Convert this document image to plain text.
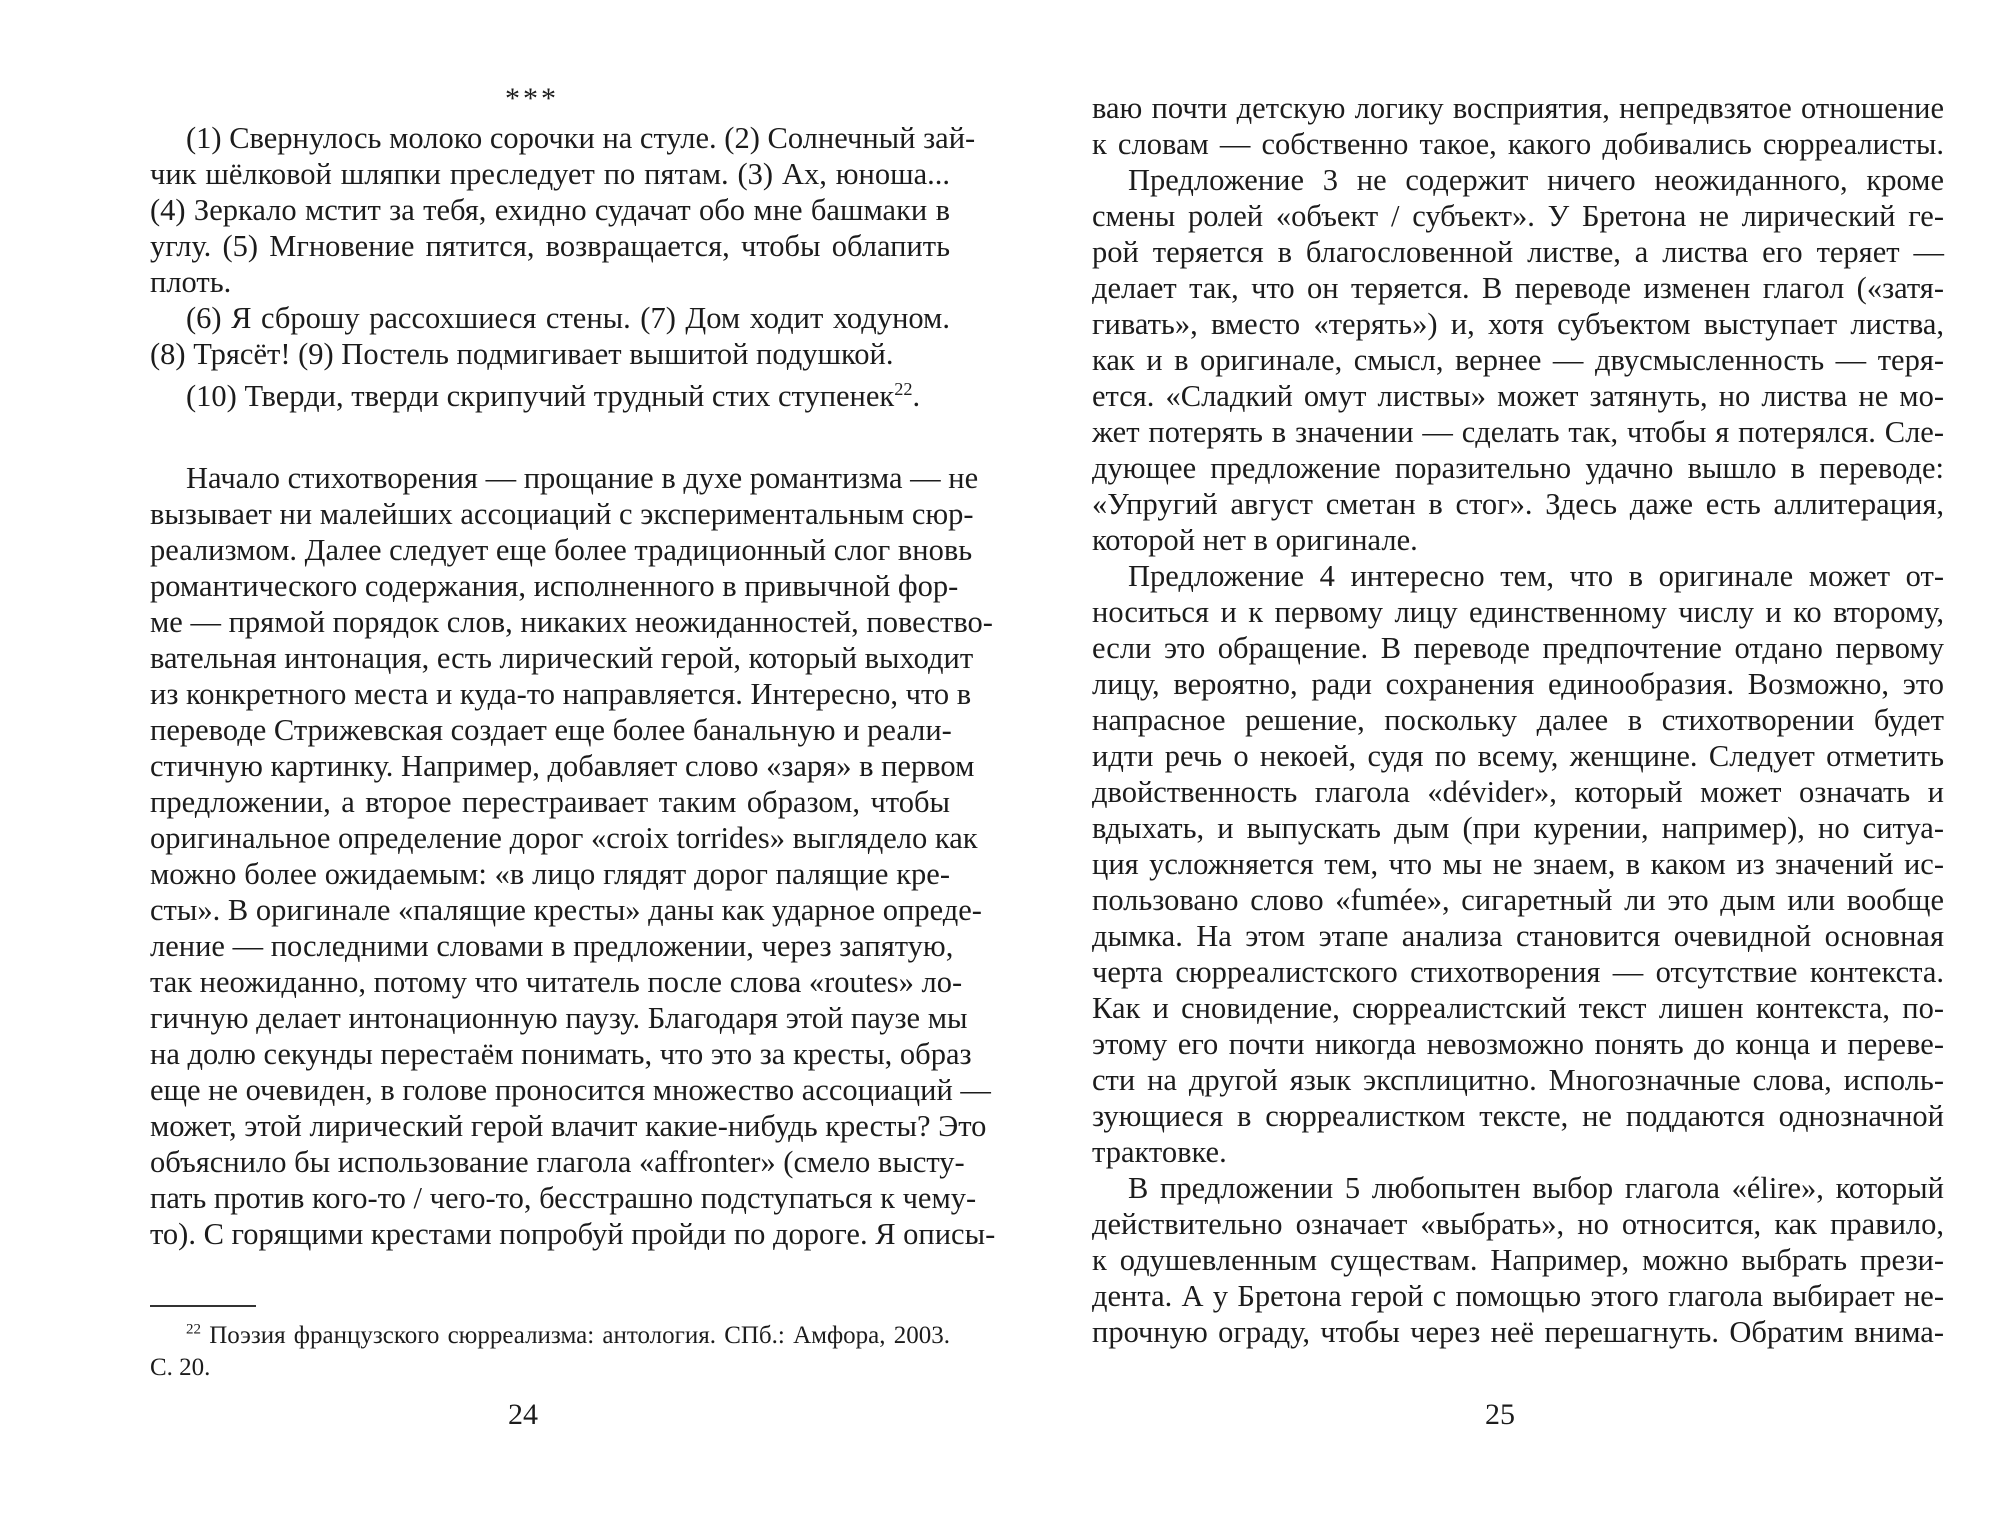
***
(1) Свернулось молоко сорочки на стуле. (2) Солнечный зай-
чик шёлковой шляпки преследует по пятам. (3) Ах, юноша...
(4) Зеркало мстит за тебя, ехидно судачат обо мне башмаки в
углу. (5) Мгновение пятится, возвращается, чтобы облапить
плоть.
(6) Я сброшу рассохшиеся стены. (7) Дом ходит ходуном.
(8) Трясёт! (9) Постель подмигивает вышитой подушкой.
(10) Тверди, тверди скрипучий трудный стих ступенек$^{22}$.
Начало стихотворения — прощание в духе романтизма — не
вызывает ни малейших ассоциаций с экспериментальным сюр-
реализмом. Далее следует еще более традиционный слог вновь
романтического содержания, исполненного в привычной фор-
ме — прямой порядок слов, никаких неожиданностей, повество-
вательная интонация, есть лирический герой, который выходит
из конкретного места и куда-то направляется. Интересно, что в
переводе Стрижевская создает еще более банальную и реали-
стичную картинку. Например, добавляет слово «заря» в первом
предложении, а второе перестраивает таким образом, чтобы
оригинальное определение дорог «croix torrides» выглядело как
можно более ожидаемым: «в лицо глядят дорог палящие кре-
сты». В оригинале «палящие кресты» даны как ударное опреде-
ление — последними словами в предложении, через запятую,
так неожиданно, потому что читатель после слова «routes» ло-
гичную делает интонационную паузу. Благодаря этой паузе мы
на долю секунды перестаём понимать, что это за кресты, образ
еще не очевиден, в голове проносится множество ассоциаций —
может, этой лирический герой влачит какие-нибудь кресты? Это
объяснило бы использование глагола «affronter» (смело высту-
пать против кого-то / чего-то, бесстрашно подступаться к чему-
то). С горящими крестами попробуй пройди по дороге. Я описы-
$^{22}$ Поэзия французского сюрреализма: антология. СПб.: Амфора, 2003.
С. 20.
24
ваю почти детскую логику восприятия, непредвзятое отношение
к словам — собственно такое, какого добивались сюрреалисты.
Предложение 3 не содержит ничего неожиданного, кроме
смены ролей «объект / субъект». У Бретона не лирический ге-
рой теряется в благословенной листве, а листва его теряет —
делает так, что он теряется. В переводе изменен глагол («затя-
гивать», вместо «терять») и, хотя субъектом выступает листва,
как и в оригинале, смысл, вернее — двусмысленность — теря-
ется. «Сладкий омут листвы» может затянуть, но листва не мо-
жет потерять в значении — сделать так, чтобы я потерялся. Сле-
дующее предложение поразительно удачно вышло в переводе:
«Упругий август сметан в стог». Здесь даже есть аллитерация,
которой нет в оригинале.
Предложение 4 интересно тем, что в оригинале может от-
носиться и к первому лицу единственному числу и ко второму,
если это обращение. В переводе предпочтение отдано первому
лицу, вероятно, ради сохранения единообразия. Возможно, это
напрасное решение, поскольку далее в стихотворении будет
идти речь о некоей, судя по всему, женщине. Следует отметить
двойственность глагола «dévider», который может означать и
вдыхать, и выпускать дым (при курении, например), но ситуа-
ция усложняется тем, что мы не знаем, в каком из значений ис-
пользовано слово «fumée», сигаретный ли это дым или вообще
дымка. На этом этапе анализа становится очевидной основная
черта сюрреалистского стихотворения — отсутствие контекста.
Как и сновидение, сюрреалистский текст лишен контекста, по-
этому его почти никогда невозможно понять до конца и переве-
сти на другой язык эксплицитно. Многозначные слова, исполь-
зующиеся в сюрреалистком тексте, не поддаются однозначной
трактовке.
В предложении 5 любопытен выбор глагола «élire», который
действительно означает «выбрать», но относится, как правило,
к одушевленным существам. Например, можно выбрать прези-
дента. А у Бретона герой с помощью этого глагола выбирает не-
прочную ограду, чтобы через неё перешагнуть. Обратим внима-
25
